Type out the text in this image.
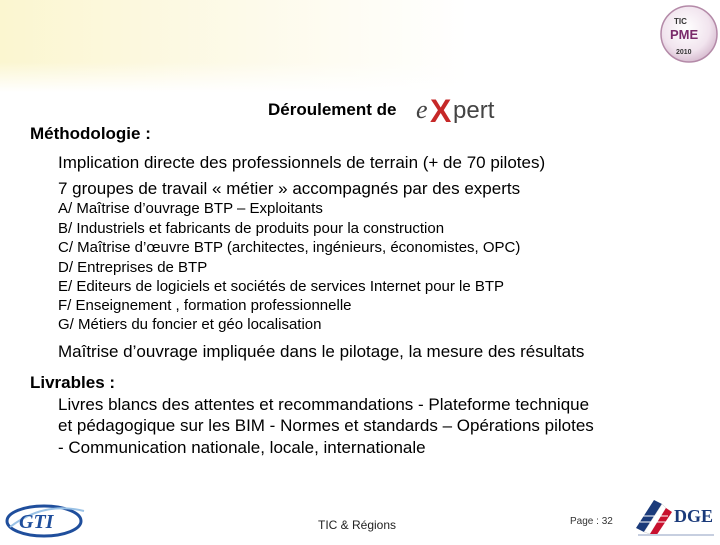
TIC
PME
2010
Déroulement de e X pert
Méthodologie :
Implication directe des professionnels de terrain (+ de 70 pilotes)
7 groupes de travail « métier » accompagnés par des experts
A/ Maîtrise d’ouvrage BTP – Exploitants
B/ Industriels et fabricants de produits pour la construction
C/ Maîtrise d’œuvre BTP (architectes, ingénieurs, économistes, OPC)
D/ Entreprises de BTP
E/ Editeurs de logiciels et sociétés de services Internet pour le BTP
F/ Enseignement , formation professionnelle
G/ Métiers du foncier et géo localisation
Maîtrise d’ouvrage impliquée dans le pilotage, la mesure des résultats
Livrables :
Livres blancs des attentes et recommandations - Plateforme technique
et pédagogique sur les BIM - Normes et standards – Opérations pilotes
- Communication nationale, locale, internationale
GTI	TIC & Régions	Page : 32	DGE
